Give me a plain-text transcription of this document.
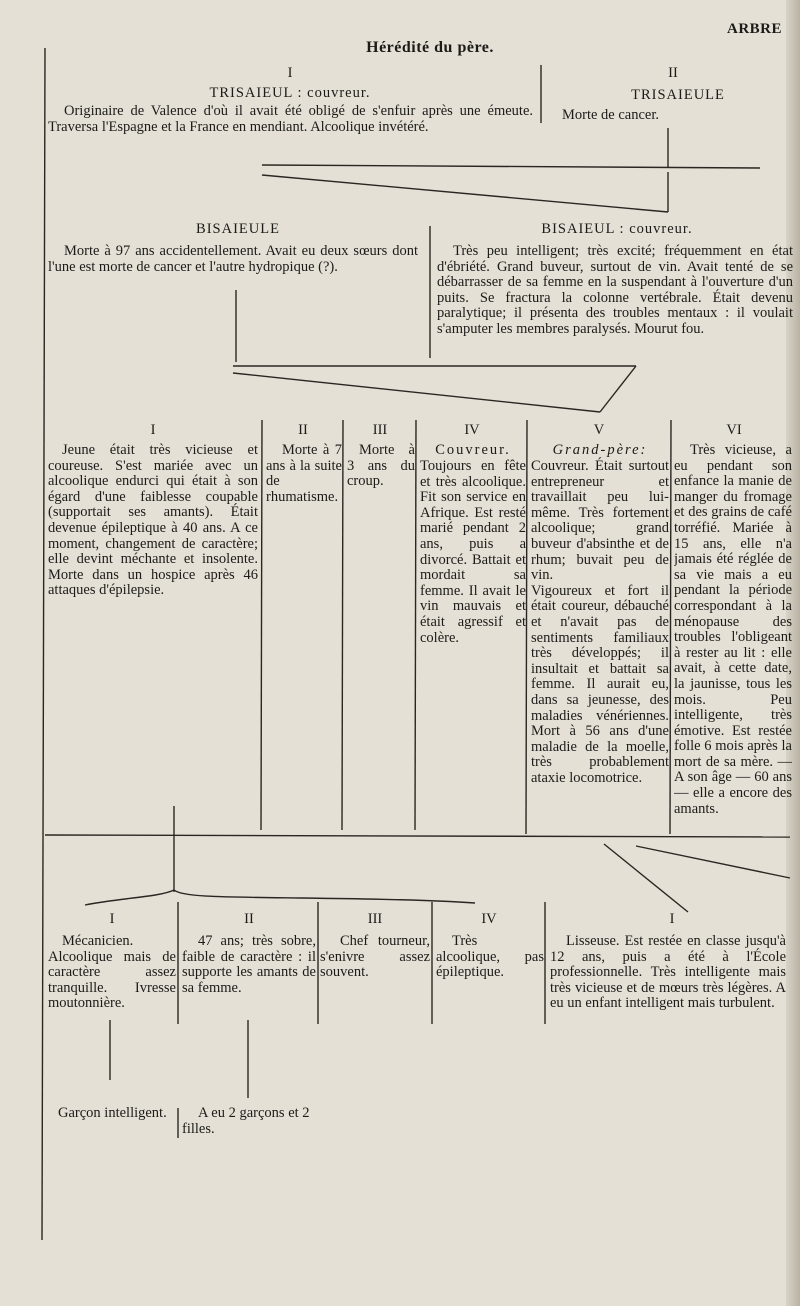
ARBRE
Hérédité du père.
I
TRISAIEUL : couvreur.
Originaire de Valence d'où il avait été obligé de s'enfuir après une émeute. Traversa l'Espagne et la France en mendiant. Alcoolique invétéré.
II
TRISAIEULE
Morte de cancer.
BISAIEULE
Morte à 97 ans accidentellement. Avait eu deux sœurs dont l'une est morte de cancer et l'autre hydropique (?).
BISAIEUL : couvreur.
Très peu intelligent; très excité; fréquemment en état d'ébriété. Grand buveur, surtout de vin. Avait tenté de se débarrasser de sa femme en la suspendant à l'ouverture d'un puits. Se fractura la colonne vertébrale. Était devenu paralytique; il présenta des troubles mentaux : il voulait s'amputer les membres paralysés. Mourut fou.
I
Jeune était très vicieuse et coureuse. S'est mariée avec un alcoolique endurci qui était à son égard d'une faiblesse coupable (supportait ses amants). Était devenue épileptique à 40 ans. A ce moment, changement de caractère; elle devint méchante et insolente. Morte dans un hospice après 46 attaques d'épilepsie.
II
Morte à 7 ans à la suite de rhumatisme.
III
Morte à 3 ans du croup.
IV
Couvreur.
Toujours en fête et très alcoolique. Fit son service en Afrique. Est resté marié pendant 2 ans, puis a divorcé. Battait et mordait sa femme. Il avait le vin mauvais et était agressif et colère.
V
Grand-père:
Couvreur. Était surtout entrepreneur et travaillait peu lui-même. Très fortement alcoolique; grand buveur d'absinthe et de rhum; buvait peu de vin.
Vigoureux et fort il était coureur, débauché et n'avait pas de sentiments familiaux très développés; il insultait et battait sa femme. Il aurait eu, dans sa jeunesse, des maladies vénériennes. Mort à 56 ans d'une maladie de la moelle, très probablement ataxie locomotrice.
VI
Très vicieuse, a eu pendant son enfance la manie de manger du fromage et des grains de café torréfié. Mariée à 15 ans, elle n'a jamais été réglée de sa vie mais a eu pendant la période correspondant à la ménopause des troubles l'obligeant à rester au lit : elle avait, à cette date, la jaunisse, tous les mois. Peu intelligente, très émotive. Est restée folle 6 mois après la mort de sa mère. — A son âge — 60 ans — elle a encore des amants.
I
Mécanicien. Alcoolique mais de caractère assez tranquille. Ivresse moutonnière.
II
47 ans; très sobre, faible de caractère : il supporte les amants de sa femme.
III
Chef tourneur, s'enivre assez souvent.
IV
Très alcoolique, pas épileptique.
I
Lisseuse. Est restée en classe jusqu'à 12 ans, puis a été à l'École professionnelle. Très intelligente mais très vicieuse et de mœurs très légères. A eu un enfant intelligent mais turbulent.
Garçon intelligent.	A eu 2 garçons et 2 filles.
